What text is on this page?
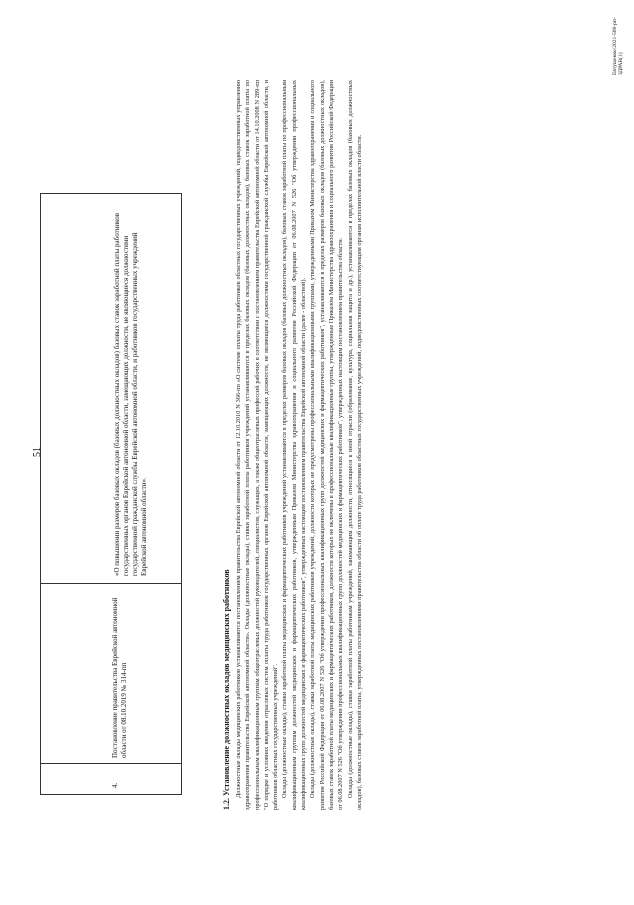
51
4.
Постановление правительства Еврейской автономной области от 08.10.2019 № 314-пп
«О повышении размеров базовых окладов (базовых должностных окладов) базовых ставок заработной платы работников государственных органов Еврейской автономной области, замещающих должности, не являющиеся должностями государственной гражданской службы Еврейской автономной области, и работников государственных учреждений Еврейской автономной области».

1.2. Установление должностных окладов медицинских работников Должностные оклады медицинских работников устанавливаются постановлением правительства Еврейской автономной области от 12.10.2010 N 366-пп «О системе оплаты труда работников областных государственных учреждений, подведомственных управлению здравоохранения правительства Еврейской автономной области». Оклады (должностные оклады), ставки заработной платы работников учреждений устанавливаются в пределах базовых окладов (базовых должностных окладов), базовых ставок заработной платы по профессиональным квалификационным группам общеотраслевых должностей руководителей, специалистов, служащих, а также общеотраслевых профессий рабочих в соответствии с постановлением правительства Еврейской автономной области от 14.10.2008 N 289-пп "О порядке и условиях введения отраслевых систем оплаты труда работников государственных органов Еврейской автономной области, замещающих должности, не являющиеся должностями государственной гражданской службы Еврейской автономной области, и работников областных государственных учреждений". Оклады (должностные оклады), ставки заработной платы медицинских и фармацевтических работников учреждений устанавливаются в пределах размеров базовых окладов (базовых должностных окладов), базовых ставок заработной платы по профессиональным квалификационным группам должностей медицинских и фармацевтических работников, утвержденным Приказом Министерства здравоохранения и социального развития Российской Федерации от 06.08.2007 N 526 "Об утверждении профессиональных квалификационных групп должностей медицинских и фармацевтических работников", утвержденных настоящим постановлением правительства Еврейской автономной области (далее - областной). Оклады (должностные оклады), ставки заработной платы медицинских работников учреждений, должности которых не предусмотрены профессиональными квалификационными группами, утвержденными Приказом Министерства здравоохранения и социального развития Российской Федерации от 06.08.2007 N 526 "Об утверждении профессиональных квалификационных групп должностей медицинских и фармацевтических работников", устанавливаются в пределах размеров базовых окладов (базовых должностных окладов), базовых ставок заработной платы медицинских и фармацевтических работников, должности которых не включены в профессиональные квалификационные группы, утвержденные Приказом Министерства здравоохранения и социального развития Российской Федерации от 06.08.2007 N 526 "Об утверждении профессиональных квалификационных групп должностей медицинских и фармацевтических работников", утвержденных настоящим постановлением правительства области. Оклады (должностные оклады), ставки заработной платы работникам учреждений, занимающим должности, относящиеся к иной отрасли (образование, культура, социальная защита и др.), устанавливаются в пределах базовых окладов (базовых должностных окладов), базовых ставок заработной платы, утвержденных постановлениями правительства области об оплате труда работников областных государственных учреждений, подведомственных соответствующим органам исполнительной власти области.

Евтушенко/2021-506-рп-ЗДРАВ(1)
